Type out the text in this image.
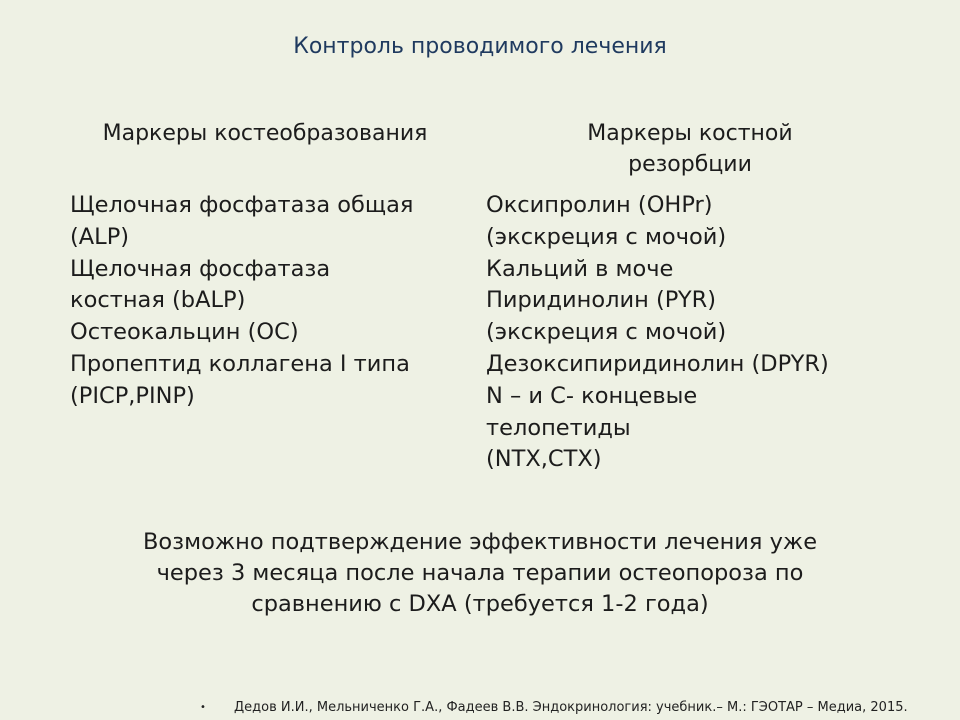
Контроль проводимого лечения
Маркеры костеобразования	Маркеры костной
резорбции
Щелочная фосфатаза общая
(ALP)
Щелочная фосфатаза
костная (bALP)
Остеокальцин (ОС)
Пропептид коллагена I типа
(PICP,PINP)
Оксипролин (OHPr)
(экскреция с мочой)
Кальций в моче
Пиридинолин (PYR)
(экскреция с мочой)
Дезоксипиридинолин (DPYR)
N – и С- концевые
телопетиды
(NTX,CTX)
Возможно подтверждение эффективности лечения уже
через 3 месяца после начала терапии остеопороза по
сравнению с DXA (требуется 1-2 года)
• Дедов И.И., Мельниченко Г.А., Фадеев В.В. Эндокринология: учебник.– М.: ГЭОТАР – Медиа, 2015.
